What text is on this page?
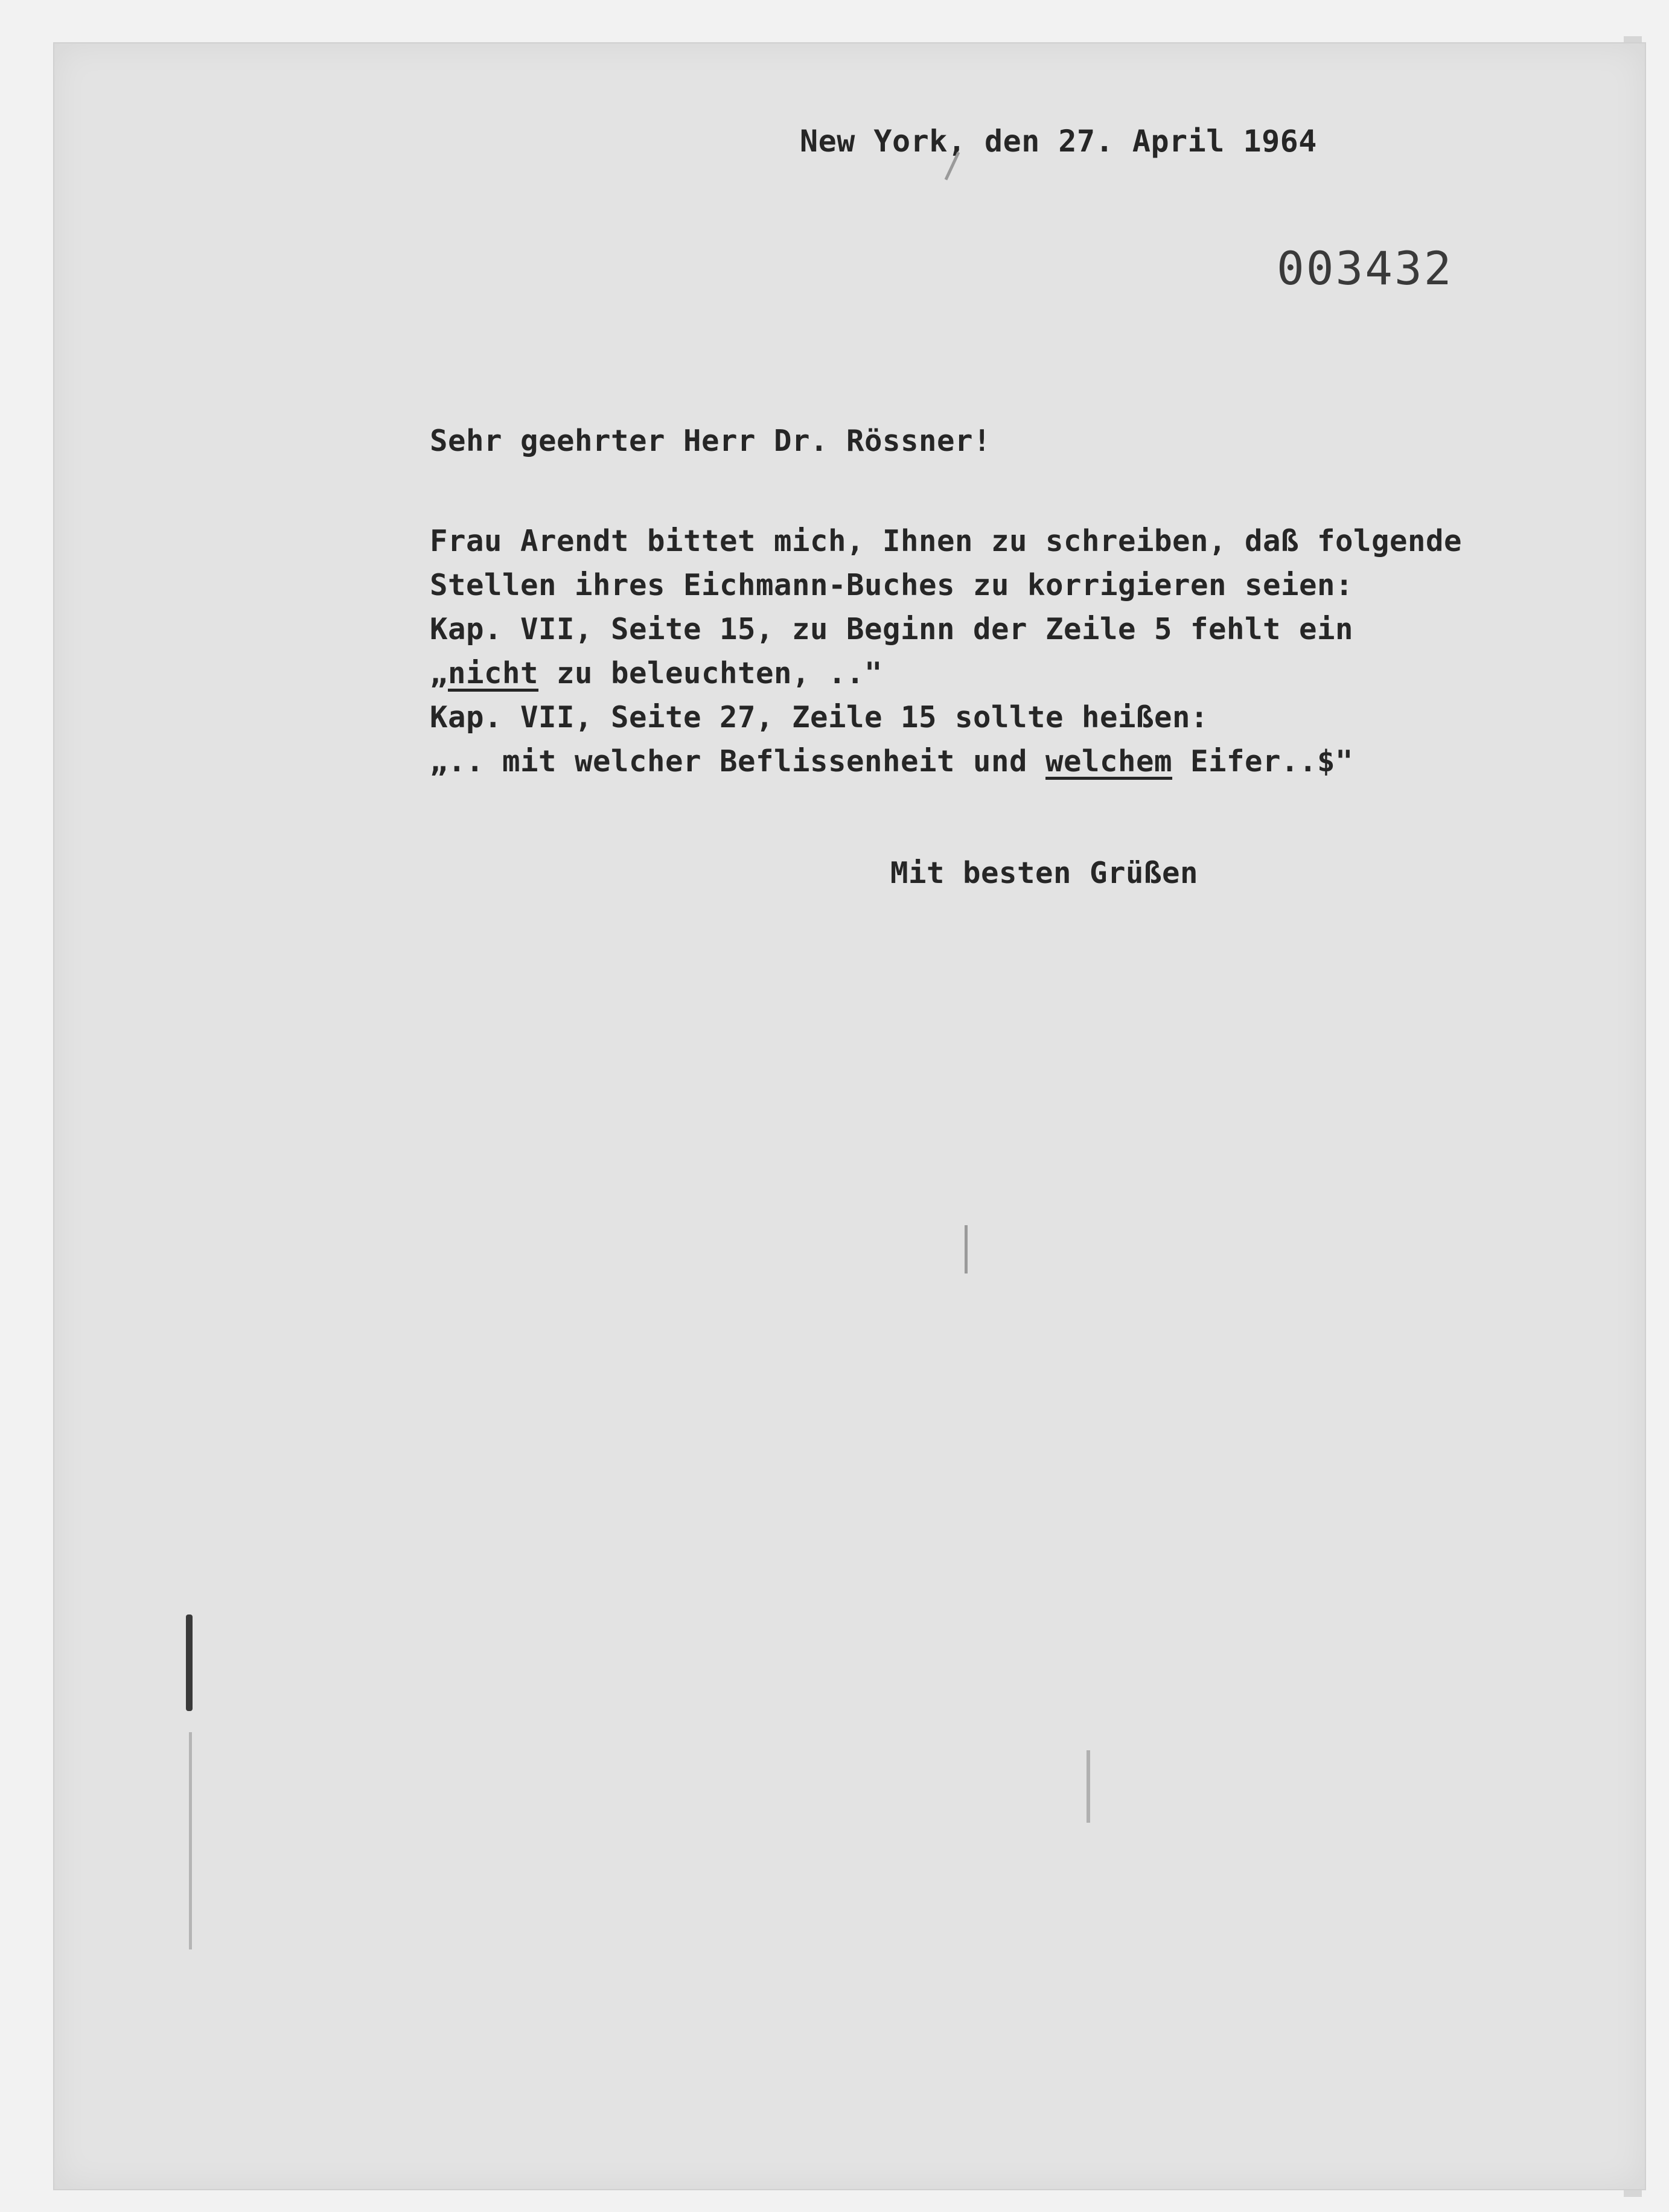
New York, den 27. April 1964
003432
Sehr geehrter Herr Dr. Rössner!
Frau Arendt bittet mich, Ihnen zu schreiben, daß folgende
Stellen ihres Eichmann-Buches zu korrigieren seien:
Kap. VII, Seite 15, zu Beginn der Zeile 5 fehlt ein
„nicht zu beleuchten, .."
Kap. VII, Seite 27, Zeile 15 sollte heißen:
„.. mit welcher Beflissenheit und welchem Eifer..$"
Mit besten Grüßen
